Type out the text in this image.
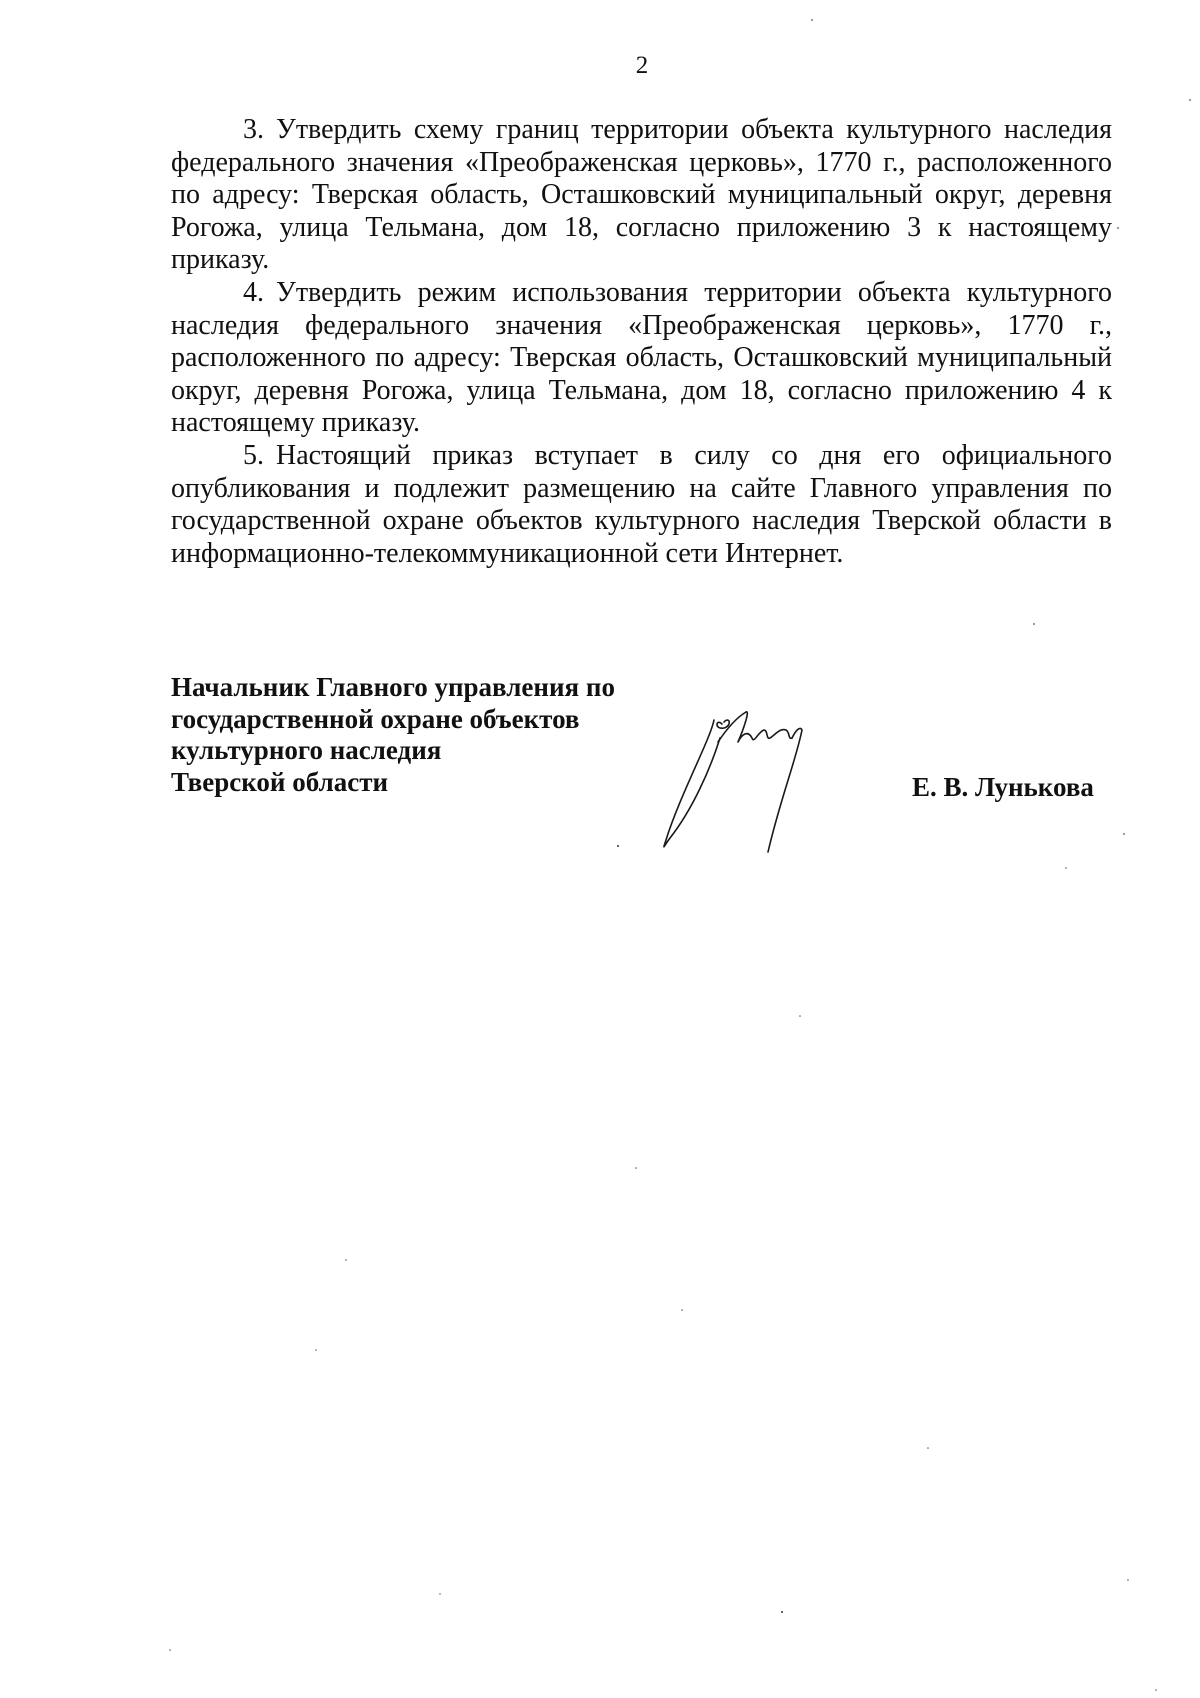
2

3. Утвердить схему границ территории объекта культурного наследия федерального значения «Преображенская церковь», 1770 г., расположенного по адресу: Тверская область, Осташковский муниципальный округ, деревня Рогожа, улица Тельмана, дом 18, согласно приложению 3 к настоящему приказу.

4. Утвердить режим использования территории объекта культурного наследия федерального значения «Преображенская церковь», 1770 г., расположенного по адресу: Тверская область, Осташковский муниципальный округ, деревня Рогожа, улица Тельмана, дом 18, согласно приложению 4 к настоящему приказу.

5. Настоящий приказ вступает в силу со дня его официального опубликования и подлежит размещению на сайте Главного управления по государственной охране объектов культурного наследия Тверской области в информационно-телекоммуникационной сети Интернет.

Начальник Главного управления по
государственной охране объектов
культурного наследия
Тверской области	Е. В. Лунькова
